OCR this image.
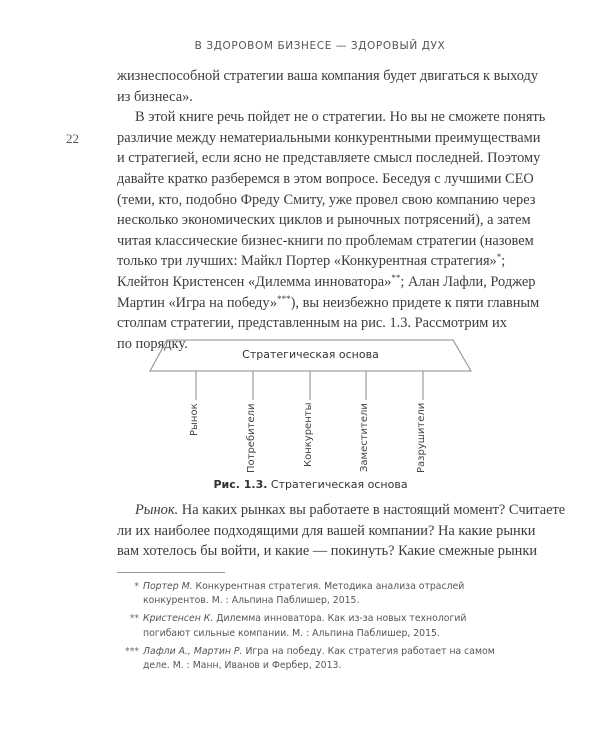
В ЗДОРОВОМ БИЗНЕСЕ — ЗДОРОВЫЙ ДУХ
22

жизнеспособной стратегии ваша компания будет двигаться к выходу
из бизнеса».

В этой книге речь пойдет не о стратегии. Но вы не сможете понять
различие между нематериальными конкурентными преимуществами
и стратегией, если ясно не представляете смысл последней. Поэтому
давайте кратко разберемся в этом вопросе. Беседуя с лучшими CEO
(теми, кто, подобно Фреду Смиту, уже провел свою компанию через
несколько экономических циклов и рыночных потрясений), а затем
читая классические бизнес-книги по проблемам стратегии (назовем
только три лучших: Майкл Портер «Конкурентная стратегия»*;
Клейтон Кристенсен «Дилемма инноватора»**; Алан Лафли, Роджер
Мартин «Игра на победу»***), вы неизбежно придете к пяти главным
столпам стратегии, представленным на рис. 1.3. Рассмотрим их
по порядку.

Стратегическая основа
Рынок	Потребители	Конкуренты	Заместители	Разрушители
Рис. 1.3. Стратегическая основа

Рынок. На каких рынках вы работаете в настоящий момент? Считаете
ли их наиболее подходящими для вашей компании? На какие рынки
вам хотелось бы войти, и какие — покинуть? Какие смежные рынки

* Портер М. Конкурентная стратегия. Методика анализа отраслей конкурентов. М. : Альпина Паблишер, 2015.
** Кристенсен К. Дилемма инноватора. Как из-за новых технологий погибают сильные компании. М. : Альпина Паблишер, 2015.
*** Лафли А., Мартин Р. Игра на победу. Как стратегия работает на самом деле. М. : Манн, Иванов и Фербер, 2013.
